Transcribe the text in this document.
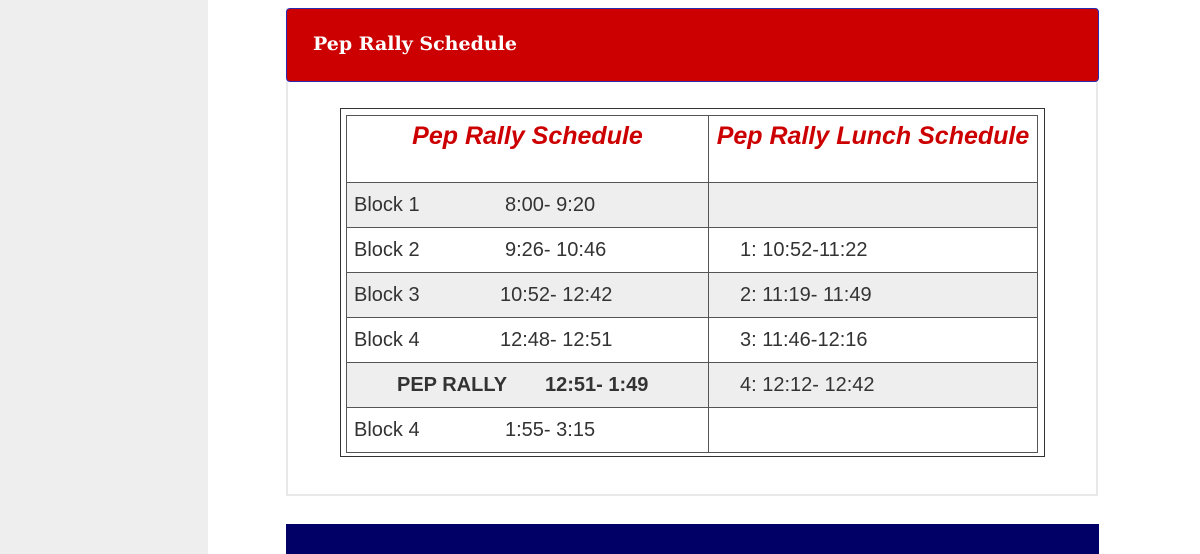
Pep Rally Schedule
Pep Rally Schedule	Pep Rally Lunch Schedule

Block 1 8:00- 9:20	

Block 2 9:26- 10:46	1: 10:52-11:22

Block 3 10:52- 12:42	2: 11:19- 11:49

Block 4 12:48- 12:51	3: 11:46-12:16

PEP RALLY 12:51- 1:49	4: 12:12- 12:42

Block 4 1:55- 3:15	
